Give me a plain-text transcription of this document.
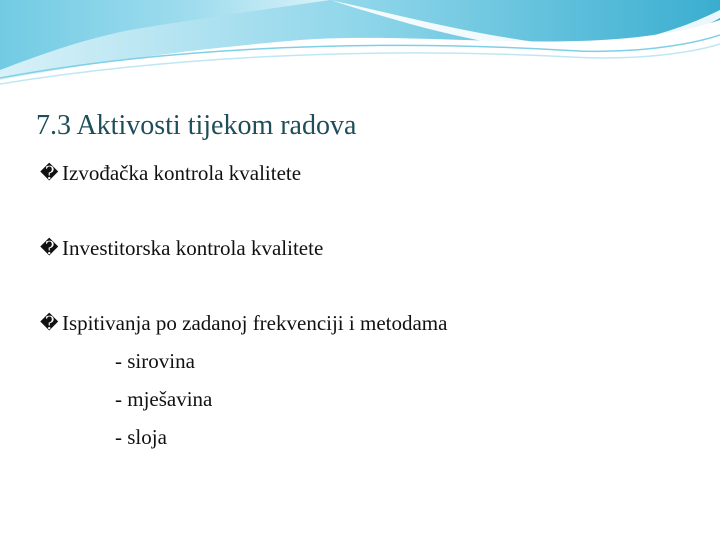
7.3 Aktivosti tijekom radova
� Izvođačka kontrola kvalitete
� Investitorska kontrola kvalitete
� Ispitivanja po zadanoj frekvenciji i metodama
- sirovina
- mješavina
- sloja
